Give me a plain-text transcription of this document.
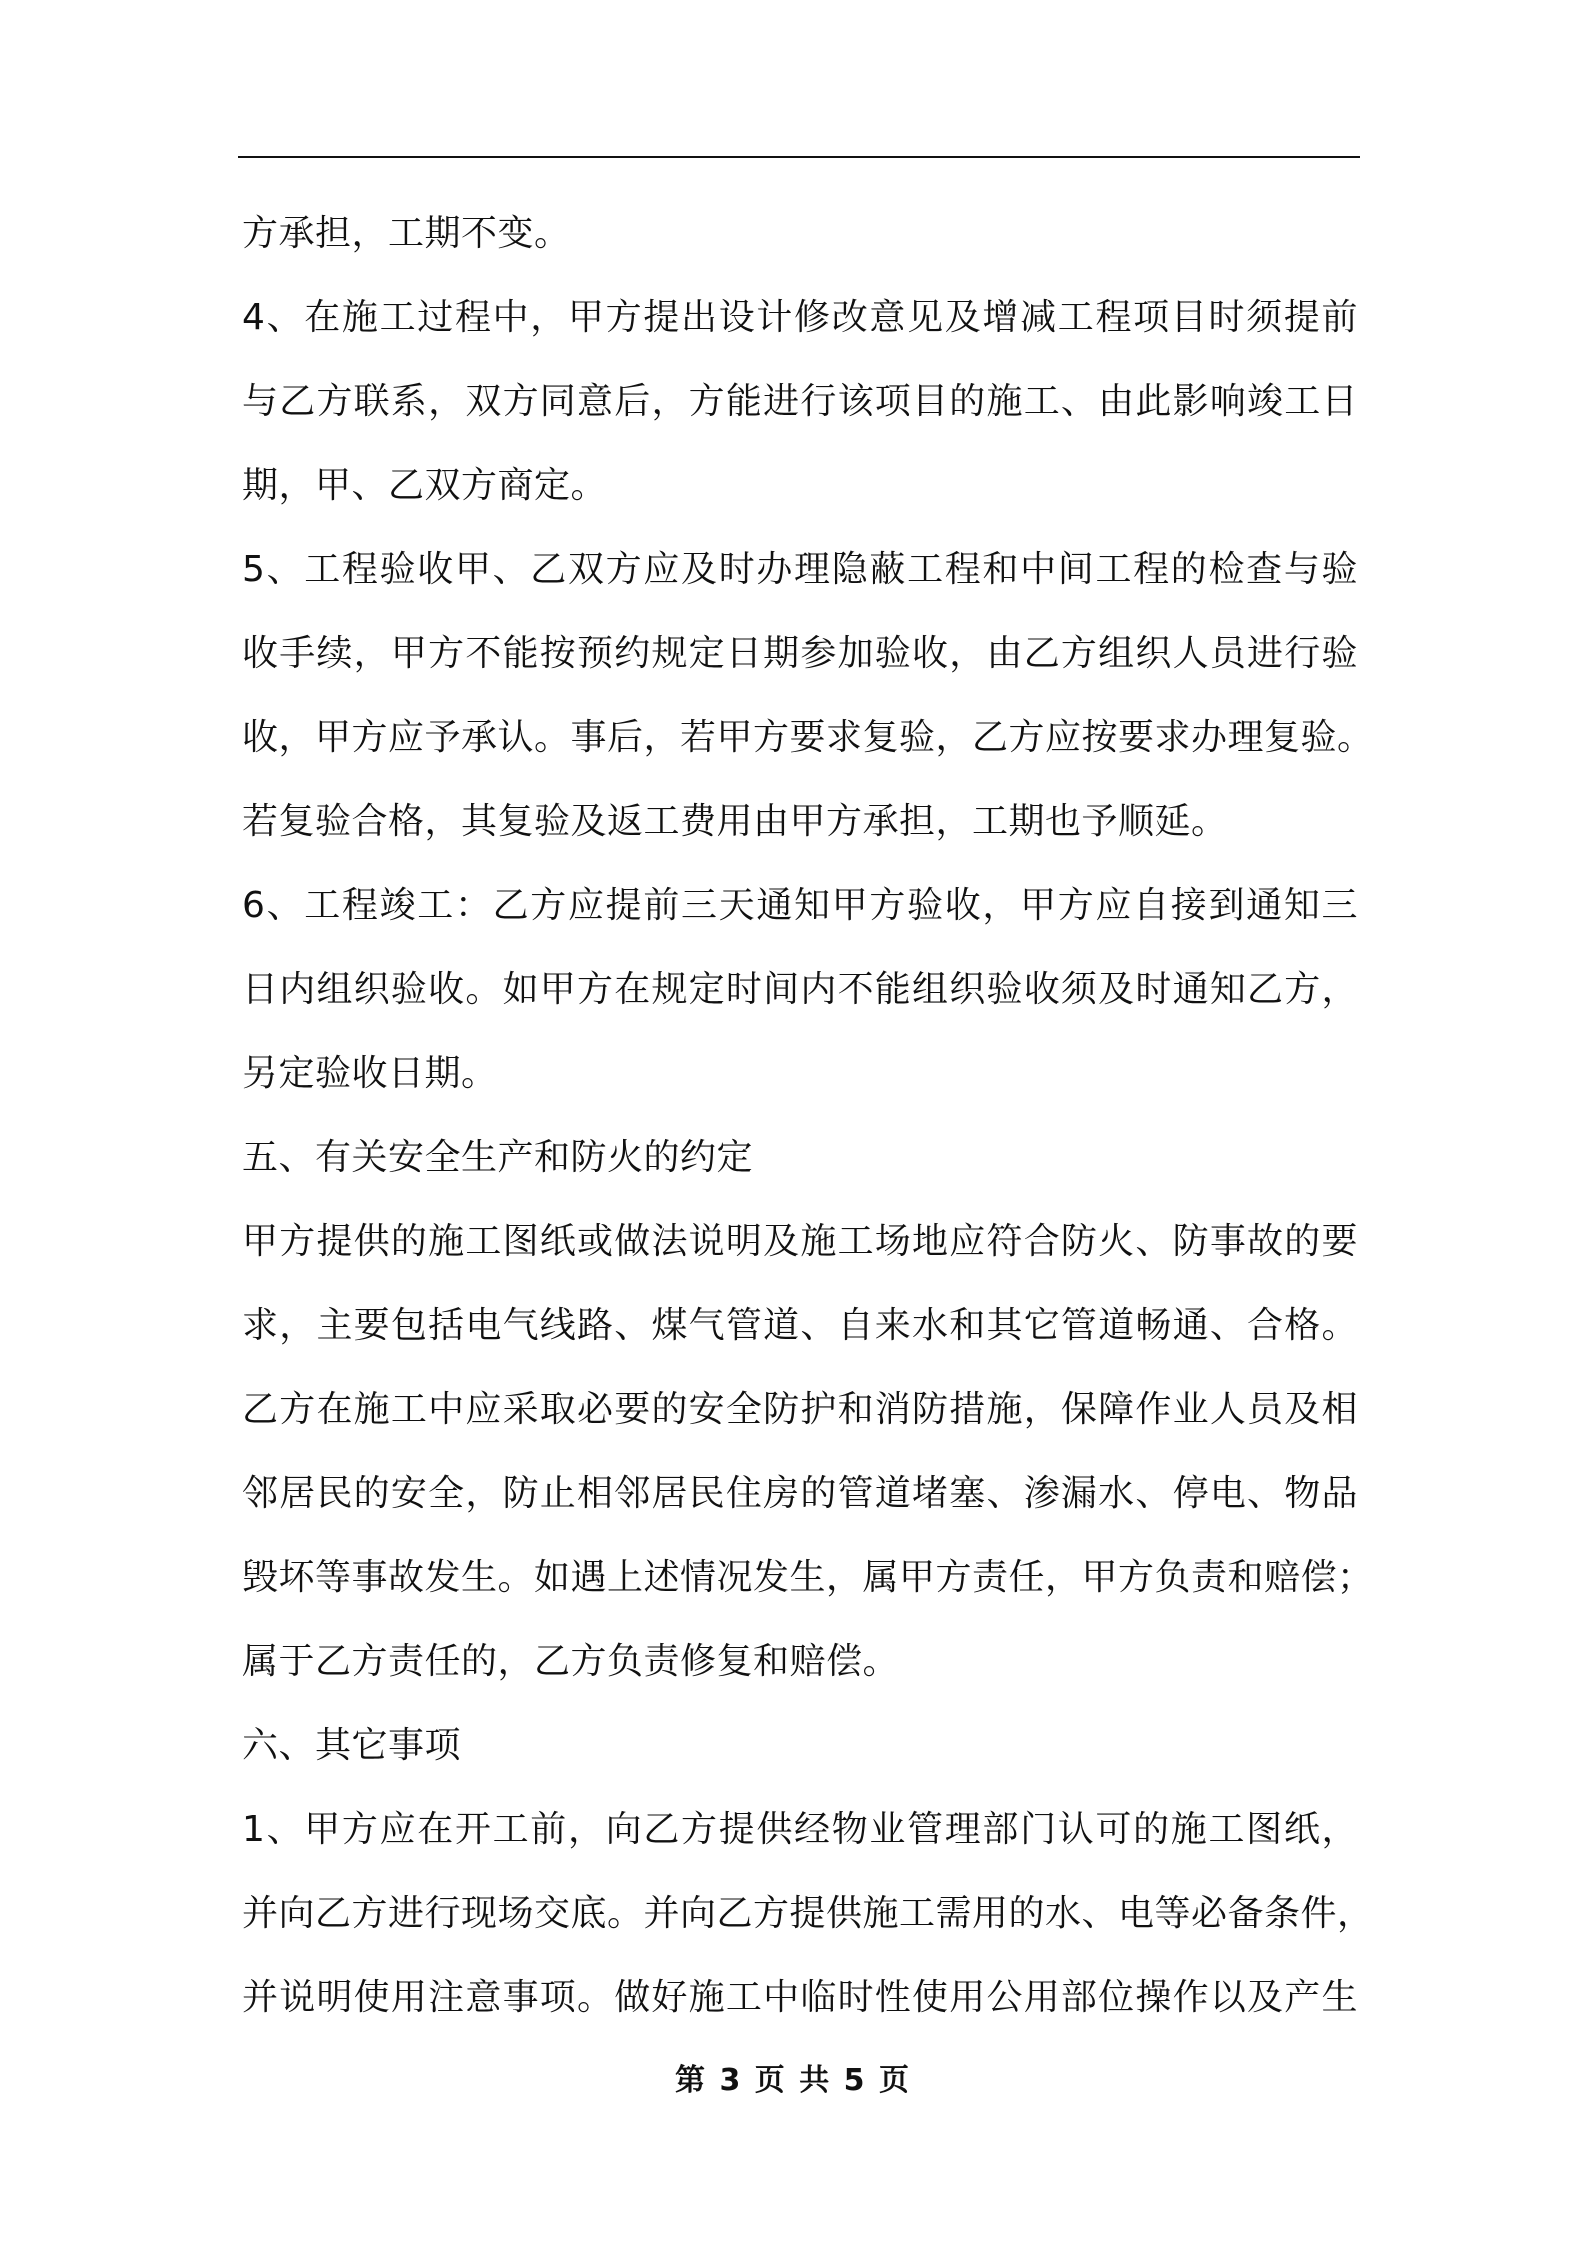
方承担，工期不变。
4、在施工过程中，甲方提出设计修改意见及增减工程项目时须提前
与乙方联系，双方同意后，方能进行该项目的施工、由此影响竣工日
期，甲、乙双方商定。
5、工程验收甲、乙双方应及时办理隐蔽工程和中间工程的检查与验
收手续，甲方不能按预约规定日期参加验收，由乙方组织人员进行验
收，甲方应予承认。事后，若甲方要求复验，乙方应按要求办理复验。
若复验合格，其复验及返工费用由甲方承担，工期也予顺延。
6、工程竣工：乙方应提前三天通知甲方验收，甲方应自接到通知三
日内组织验收。如甲方在规定时间内不能组织验收须及时通知乙方，
另定验收日期。
五、有关安全生产和防火的约定
甲方提供的施工图纸或做法说明及施工场地应符合防火、防事故的要
求，主要包括电气线路、煤气管道、自来水和其它管道畅通、合格。
乙方在施工中应采取必要的安全防护和消防措施，保障作业人员及相
邻居民的安全，防止相邻居民住房的管道堵塞、渗漏水、停电、物品
毁坏等事故发生。如遇上述情况发生，属甲方责任，甲方负责和赔偿；
属于乙方责任的，乙方负责修复和赔偿。
六、其它事项
1、甲方应在开工前，向乙方提供经物业管理部门认可的施工图纸，
并向乙方进行现场交底。并向乙方提供施工需用的水、电等必备条件，
并说明使用注意事项。做好施工中临时性使用公用部位操作以及产生
第 3 页 共 5 页
